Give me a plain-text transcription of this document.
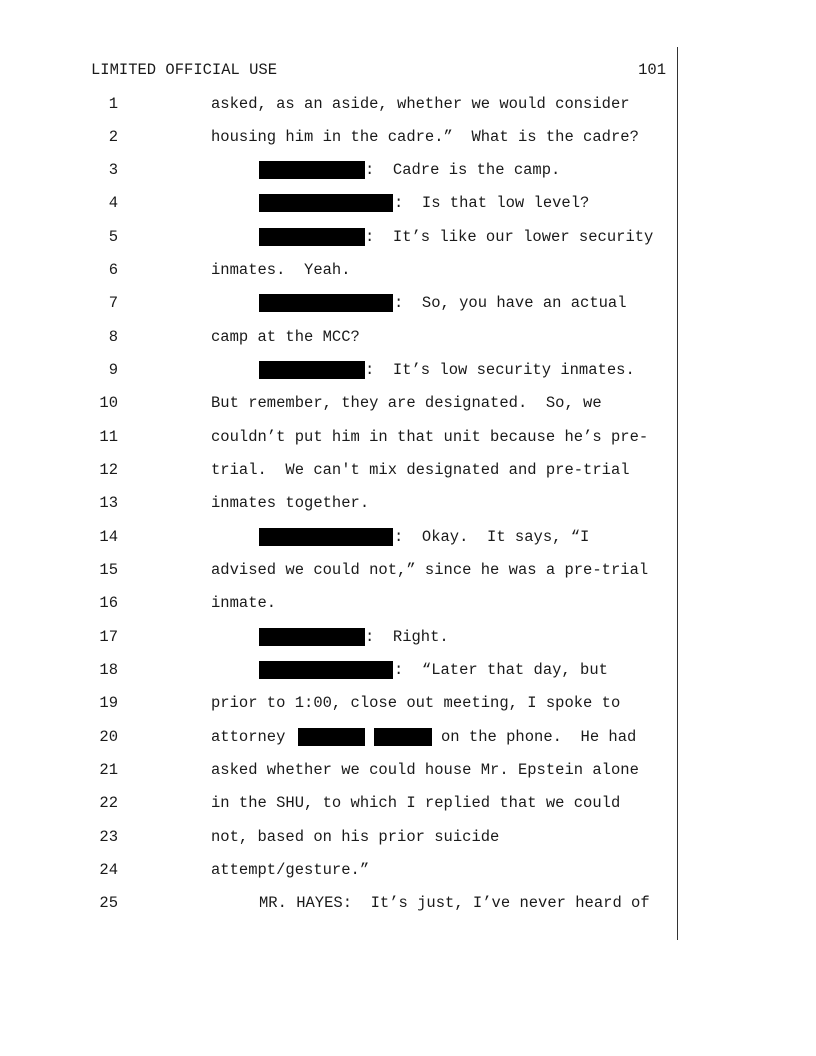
LIMITED OFFICIAL USE	101

1

	asked, as an aside, whether we would consider

2

	housing him in the cadre.”  What is the cadre?

3

	:  Cadre is the camp.

4

	:  Is that low level?

5

	:  It’s like our lower security

6

	inmates.  Yeah.

7

	:  So, you have an actual

8

	camp at the MCC?

9

	:  It’s low security inmates.

10

	But remember, they are designated.  So, we

11

	couldn’t put him in that unit because he’s pre-

12

	trial.  We can't mix designated and pre-trial

13

	inmates together.

14

	:  Okay.  It says, “I

15

	advised we could not,” since he was a pre-trial

16

	inmate.

17

	:  Right.

18

	:  “Later that day, but

19

	prior to 1:00, close out meeting, I spoke to

20

	attorney

	on the phone.  He had

21

	asked whether we could house Mr. Epstein alone

22

	in the SHU, to which I replied that we could

23

	not, based on his prior suicide

24

	attempt/gesture.”

25

	MR. HAYES:  It’s just, I’ve never heard of
